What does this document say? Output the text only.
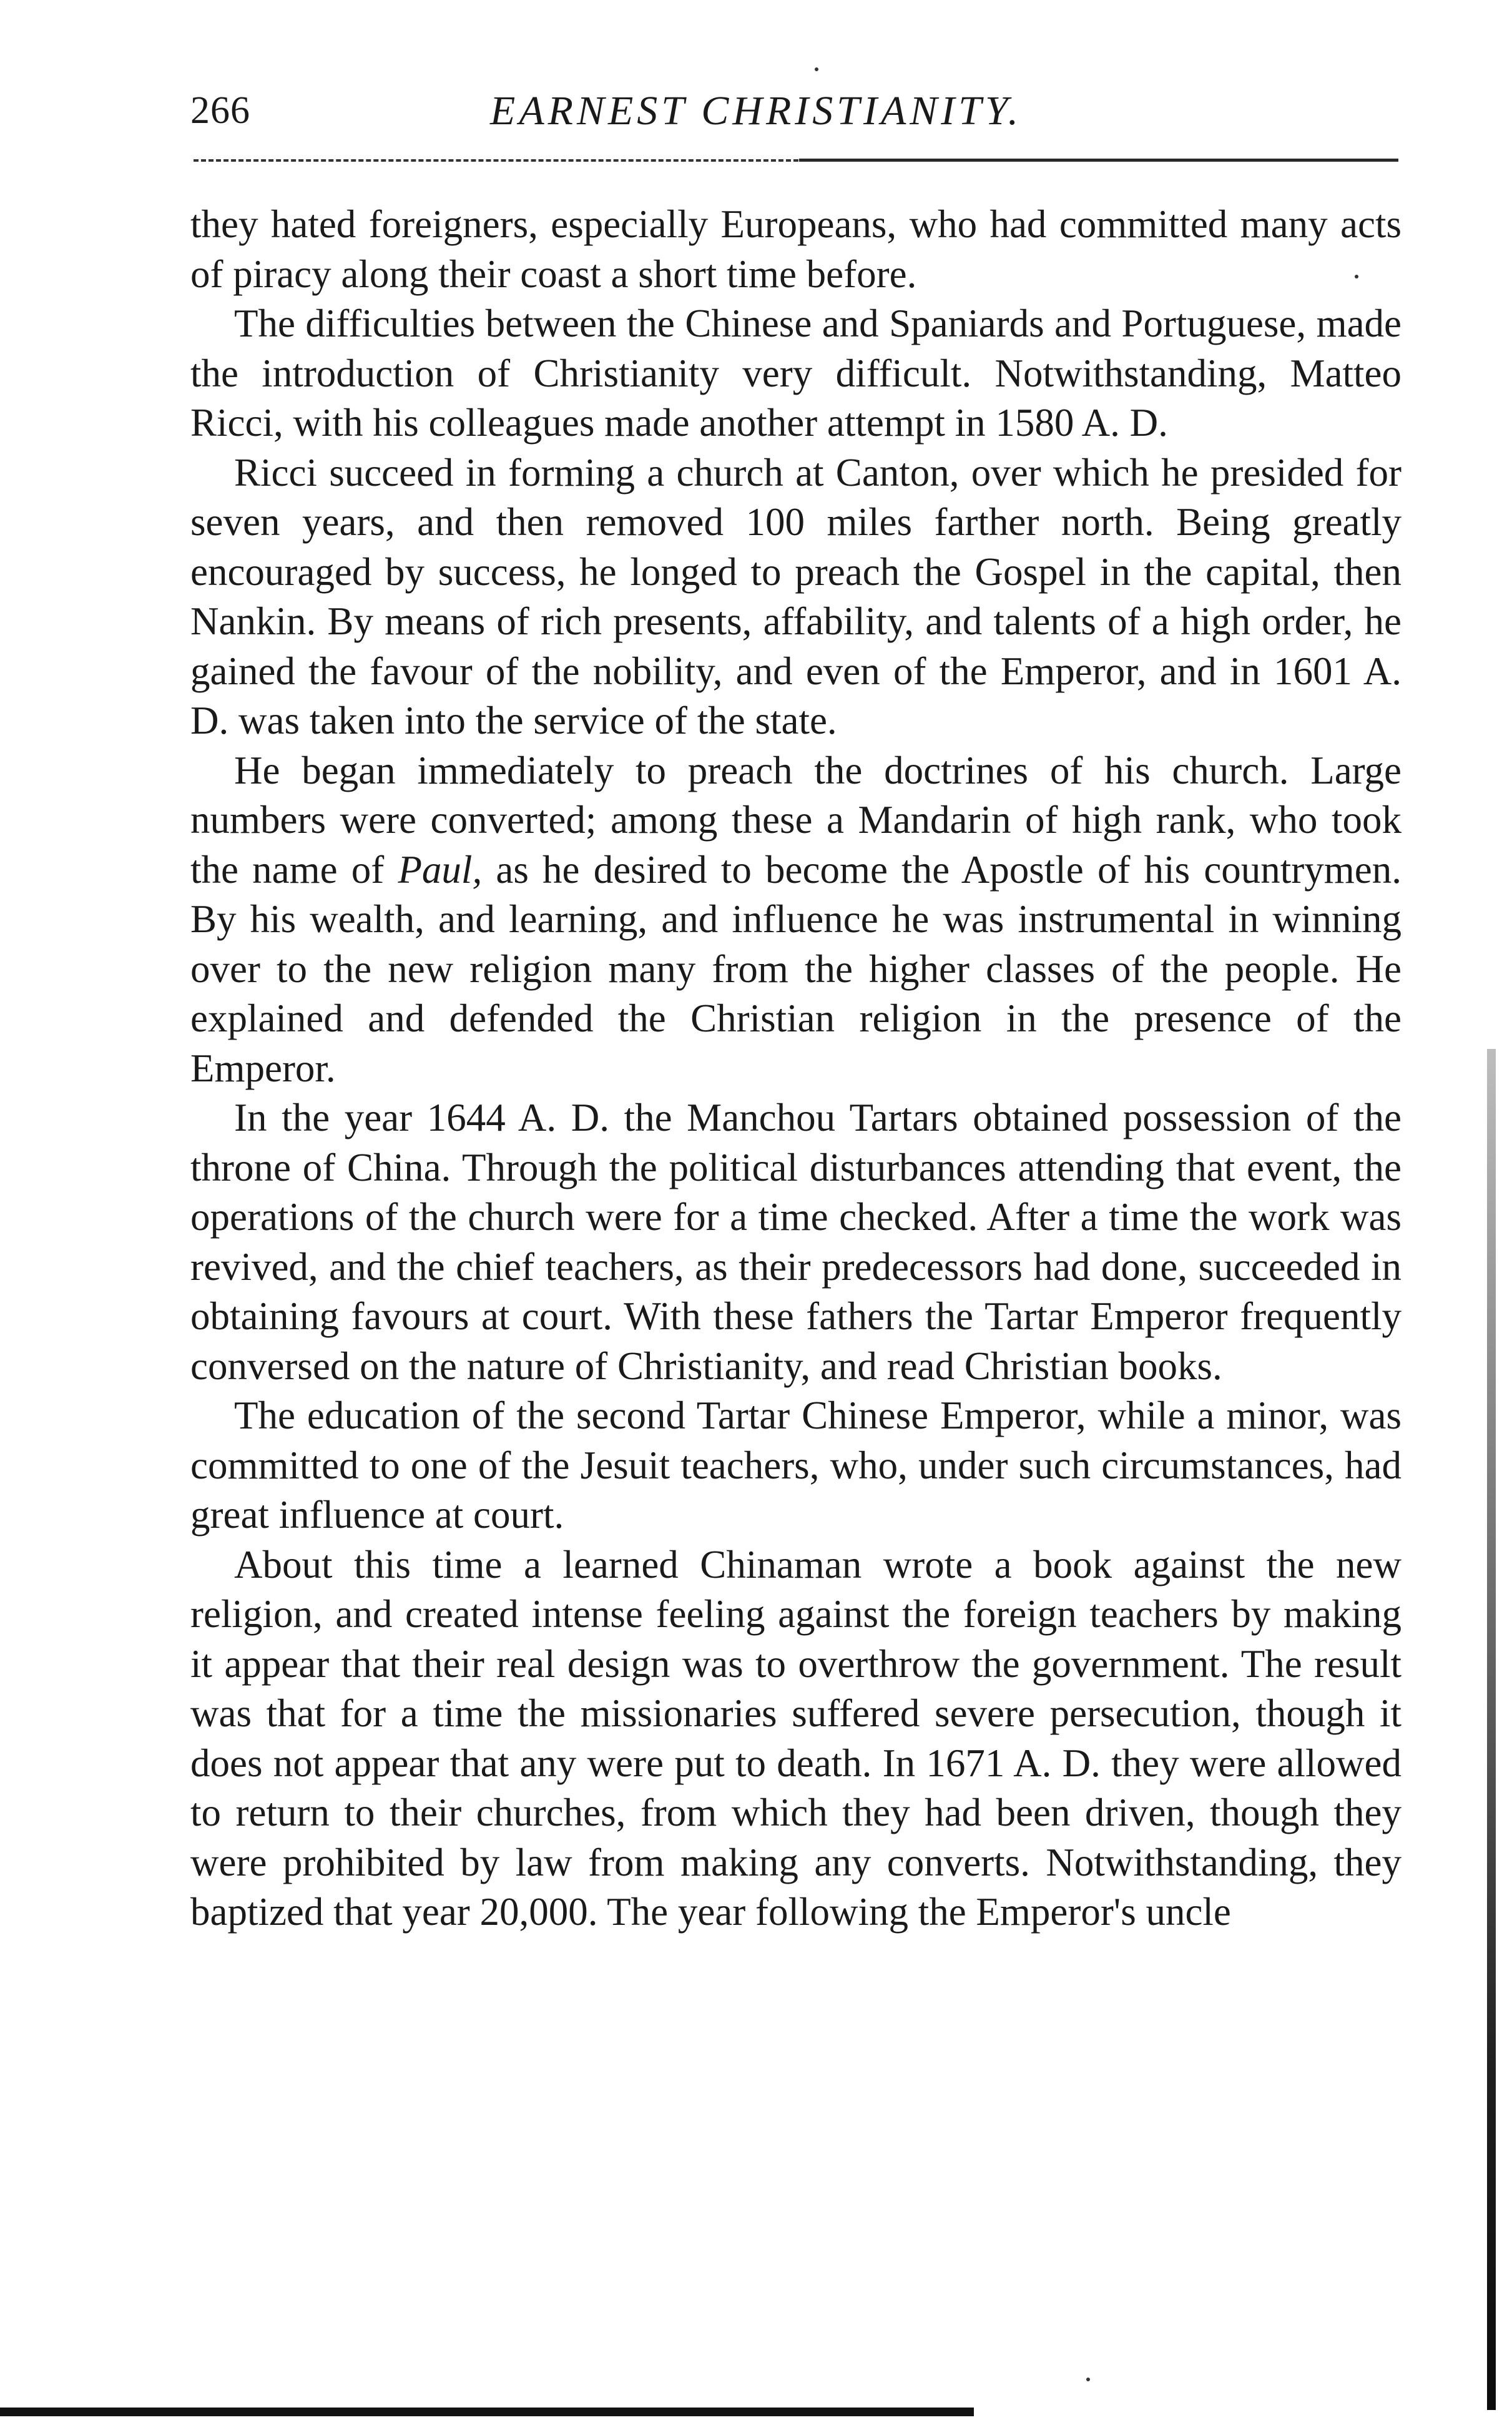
266	EARNEST CHRISTIANITY.

they hated foreigners, especially Europeans, who had committed many acts of piracy along their coast a short time before.

The difficulties between the Chinese and Spaniards and Portuguese, made the introduction of Christianity very difficult. Notwithstanding, Matteo Ricci, with his colleagues made another attempt in 1580 A. D.

Ricci succeed in forming a church at Canton, over which he presided for seven years, and then removed 100 miles farther north. Being greatly encouraged by success, he longed to preach the Gospel in the capital, then Nankin. By means of rich presents, affability, and talents of a high order, he gained the favour of the nobility, and even of the Emperor, and in 1601 A. D. was taken into the service of the state.

He began immediately to preach the doctrines of his church. Large numbers were converted; among these a Mandarin of high rank, who took the name of Paul, as he desired to become the Apostle of his countrymen. By his wealth, and learning, and influence he was instrumental in winning over to the new religion many from the higher classes of the people. He explained and defended the Christian religion in the presence of the Emperor.

In the year 1644 A. D. the Manchou Tartars obtained possession of the throne of China. Through the political disturbances attending that event, the operations of the church were for a time checked. After a time the work was revived, and the chief teachers, as their predecessors had done, succeeded in obtaining favours at court. With these fathers the Tartar Emperor frequently conversed on the nature of Christianity, and read Christian books.

The education of the second Tartar Chinese Emperor, while a minor, was committed to one of the Jesuit teachers, who, under such circumstances, had great influence at court.

About this time a learned Chinaman wrote a book against the new religion, and created intense feeling against the foreign teachers by making it appear that their real design was to overthrow the government. The result was that for a time the missionaries suffered severe persecution, though it does not appear that any were put to death. In 1671 A. D. they were allowed to return to their churches, from which they had been driven, though they were prohibited by law from making any converts. Notwithstanding, they baptized that year 20,000. The year following the Emperor's uncle
